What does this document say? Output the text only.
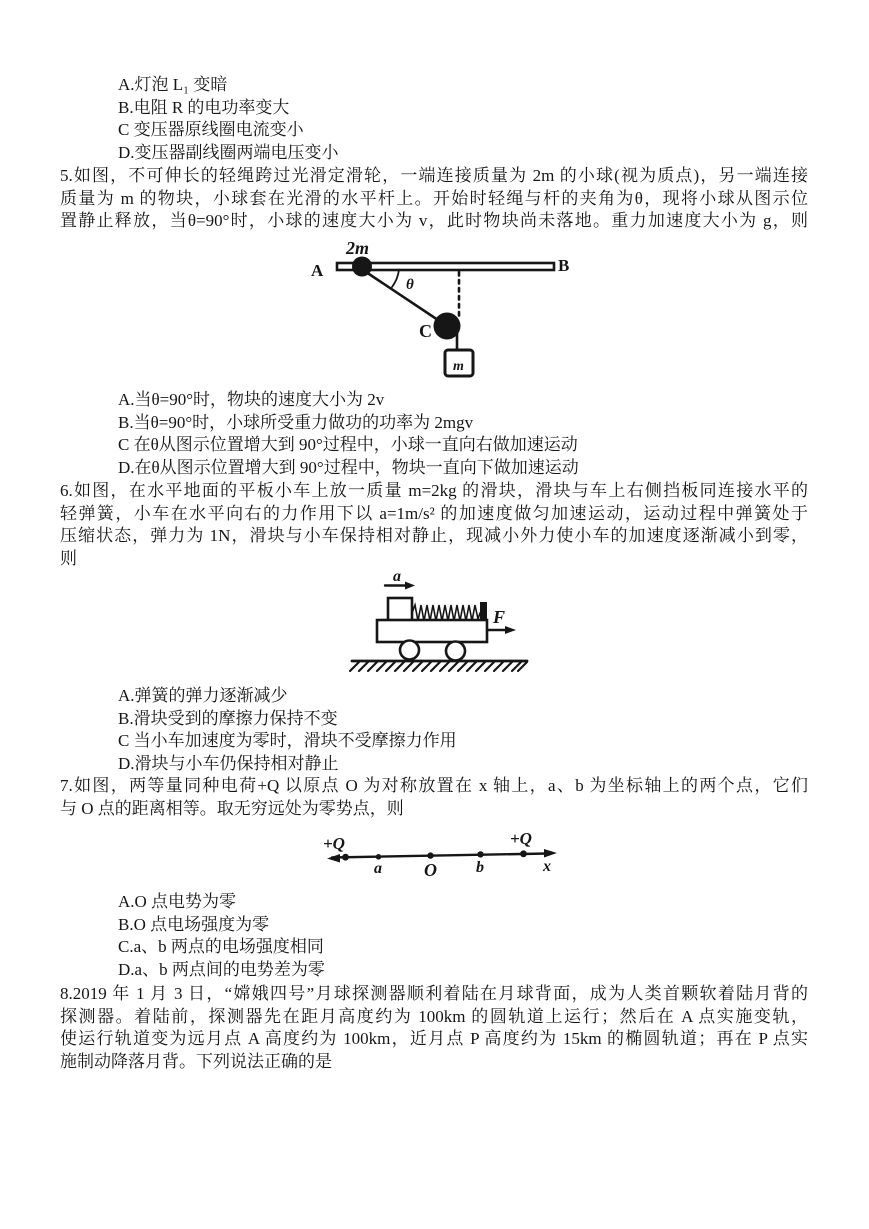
A.灯泡 L₁ 变暗
B.电阻 R 的电功率变大
C 变压器原线圈电流变小
D.变压器副线圈两端电压变小
5.如图，不可伸长的轻绳跨过光滑定滑轮，一端连接质量为 2m 的小球(视为质点)，另一端连接
质量为 m 的物块，小球套在光滑的水平杆上。开始时轻绳与杆的夹角为θ，现将小球从图示位
置静止释放，当θ=90°时，小球的速度大小为 v，此时物块尚未落地。重力加速度大小为 g，则
2m
A	B
θ
C
m
A.当θ=90°时，物块的速度大小为 2v
B.当θ=90°时，小球所受重力做功的功率为 2mgv
C 在θ从图示位置增大到 90°过程中，小球一直向右做加速运动
D.在θ从图示位置增大到 90°过程中，物块一直向下做加速运动
6.如图，在水平地面的平板小车上放一质量 m=2kg 的滑块，滑块与车上右侧挡板同连接水平的
轻弹簧，小车在水平向右的力作用下以 a=1m/s² 的加速度做匀加速运动，运动过程中弹簧处于
压缩状态，弹力为 1N，滑块与小车保持相对静止，现减小外力使小车的加速度逐渐减小到零，
则
a
F
A.弹簧的弹力逐渐减少
B.滑块受到的摩擦力保持不变
C 当小车加速度为零时，滑块不受摩擦力作用
D.滑块与小车仍保持相对静止
7.如图，两等量同种电荷+Q 以原点 O 为对称放置在 x 轴上，a、b 为坐标轴上的两个点，它们
与 O 点的距离相等。取无穷远处为零势点，则
+Q	+Q
a O b	x
A.O 点电势为零
B.O 点电场强度为零
C.a、b 两点的电场强度相同
D.a、b 两点间的电势差为零
8.2019 年 1 月 3 日，“嫦娥四号”月球探测器顺利着陆在月球背面，成为人类首颗软着陆月背的
探测器。着陆前，探测器先在距月高度约为 100km 的圆轨道上运行；然后在 A 点实施变轨，
使运行轨道变为远月点 A 高度约为 100km，近月点 P 高度约为 15km 的椭圆轨道；再在 P 点实
施制动降落月背。下列说法正确的是
